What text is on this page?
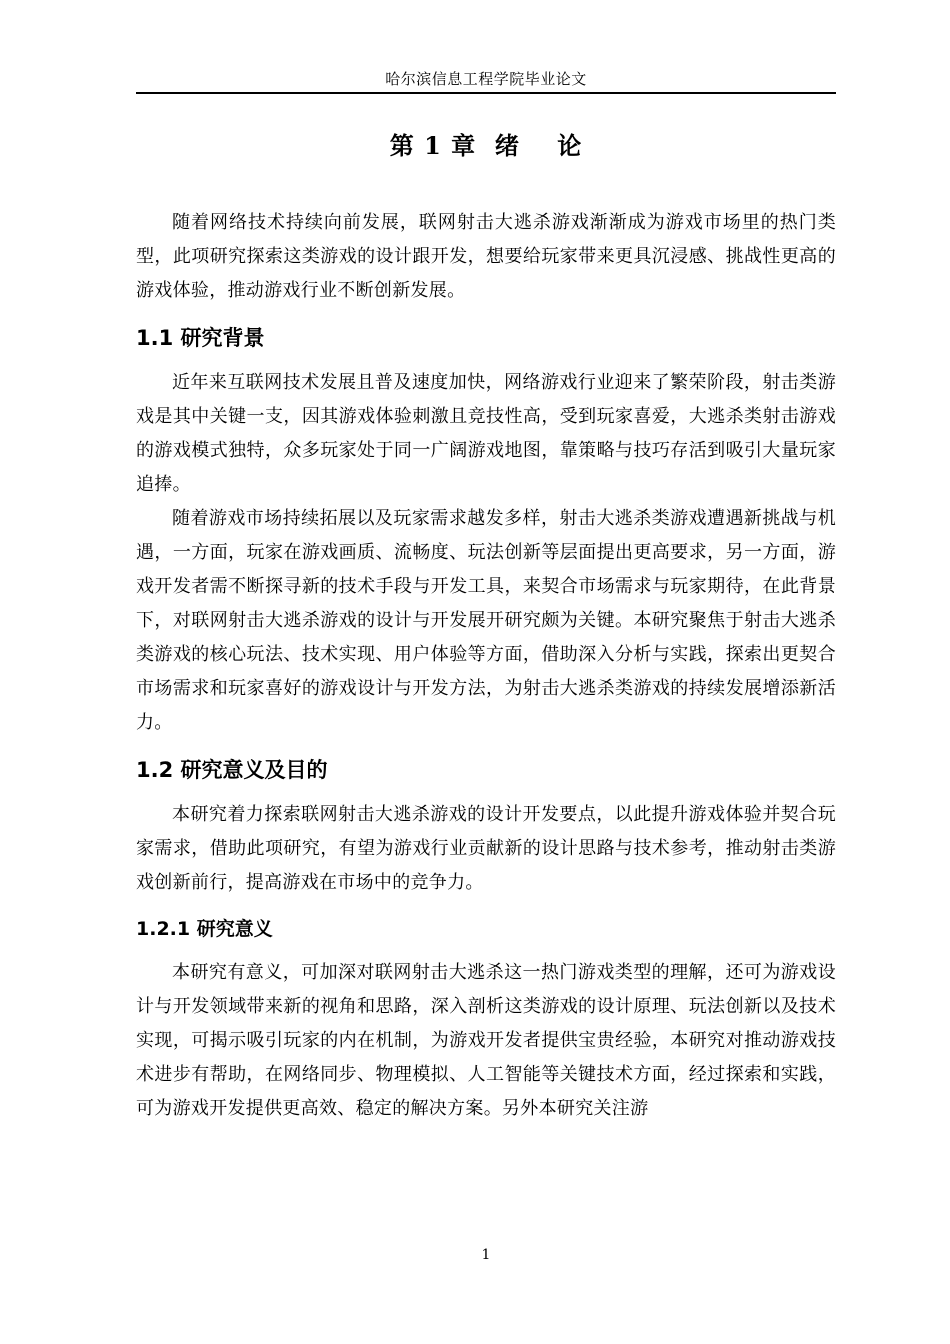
哈尔滨信息工程学院毕业论文
第 1 章  绪    论

随着网络技术持续向前发展，联网射击大逃杀游戏渐渐成为游戏市场里的热门类型，此项研究探索这类游戏的设计跟开发，想要给玩家带来更具沉浸感、挑战性更高的游戏体验，推动游戏行业不断创新发展。

1.1 研究背景

近年来互联网技术发展且普及速度加快，网络游戏行业迎来了繁荣阶段，射击类游戏是其中关键一支，因其游戏体验刺激且竞技性高，受到玩家喜爱，大逃杀类射击游戏的游戏模式独特，众多玩家处于同一广阔游戏地图，靠策略与技巧存活到吸引大量玩家追捧。

随着游戏市场持续拓展以及玩家需求越发多样，射击大逃杀类游戏遭遇新挑战与机遇，一方面，玩家在游戏画质、流畅度、玩法创新等层面提出更高要求，另一方面，游戏开发者需不断探寻新的技术手段与开发工具，来契合市场需求与玩家期待，在此背景下，对联网射击大逃杀游戏的设计与开发展开研究颇为关键。本研究聚焦于射击大逃杀类游戏的核心玩法、技术实现、用户体验等方面，借助深入分析与实践，探索出更契合市场需求和玩家喜好的游戏设计与开发方法，为射击大逃杀类游戏的持续发展增添新活力。

1.2 研究意义及目的

本研究着力探索联网射击大逃杀游戏的设计开发要点，以此提升游戏体验并契合玩家需求，借助此项研究，有望为游戏行业贡献新的设计思路与技术参考，推动射击类游戏创新前行，提高游戏在市场中的竞争力。

1.2.1 研究意义

本研究有意义，可加深对联网射击大逃杀这一热门游戏类型的理解，还可为游戏设计与开发领域带来新的视角和思路，深入剖析这类游戏的设计原理、玩法创新以及技术实现，可揭示吸引玩家的内在机制，为游戏开发者提供宝贵经验，本研究对推动游戏技术进步有帮助，在网络同步、物理模拟、人工智能等关键技术方面，经过探索和实践，可为游戏开发提供更高效、稳定的解决方案。另外本研究关注游

1
